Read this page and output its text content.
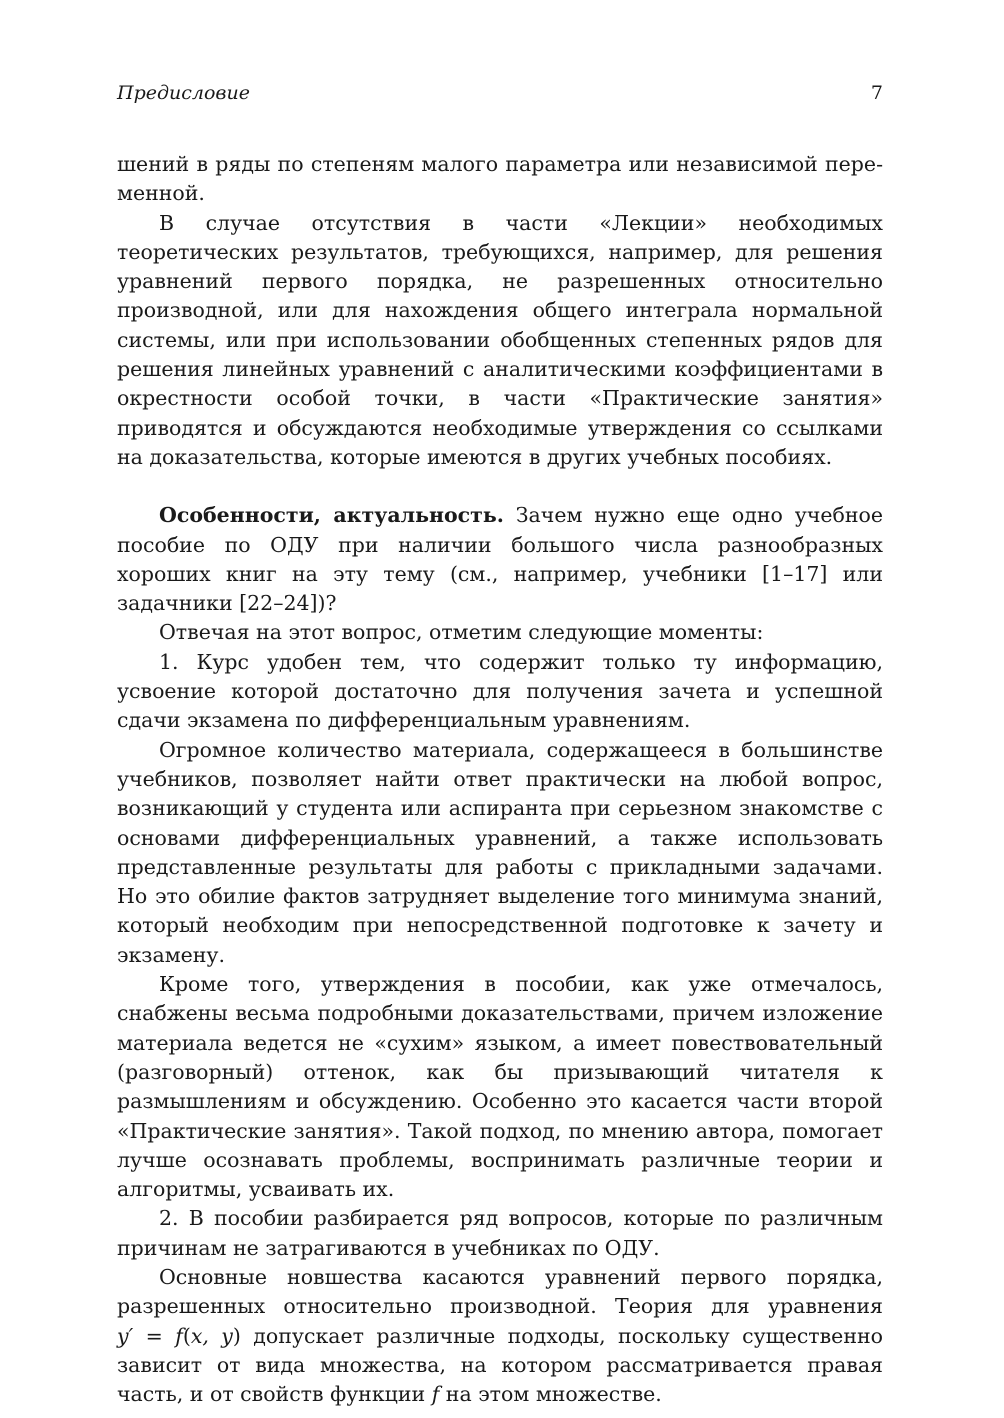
Предисловие	7

шений в ряды по степеням малого параметра или независимой переменной.

В случае отсутствия в части «Лекции» необходимых теоретических результатов, требующихся, например, для решения уравнений первого порядка, не разрешенных относительно производной, или для нахождения общего интеграла нормальной системы, или при использовании обобщенных степенных рядов для решения линейных уравнений с аналитическими коэффициентами в окрестности особой точки, в части «Практические занятия» приводятся и обсуждаются необходимые утверждения со ссылками на доказательства, которые имеются в других учебных пособиях.

Особенности, актуальность. Зачем нужно еще одно учебное пособие по ОДУ при наличии большого числа разнообразных хороших книг на эту тему (см., например, учебники [1–17] или задачники [22–24])?

Отвечая на этот вопрос, отметим следующие моменты:

1. Курс удобен тем, что содержит только ту информацию, усвоение которой достаточно для получения зачета и успешной сдачи экзамена по дифференциальным уравнениям.

Огромное количество материала, содержащееся в большинстве учебников, позволяет найти ответ практически на любой вопрос, возникающий у студента или аспиранта при серьезном знакомстве с основами дифференциальных уравнений, а также использовать представленные результаты для работы с прикладными задачами. Но это обилие фактов затрудняет выделение того минимума знаний, который необходим при непосредственной подготовке к зачету и экзамену.

Кроме того, утверждения в пособии, как уже отмечалось, снабжены весьма подробными доказательствами, причем изложение материала ведется не «сухим» языком, а имеет повествовательный (разговорный) оттенок, как бы призывающий читателя к размышлениям и обсуждению. Особенно это касается части второй «Практические занятия». Такой подход, по мнению автора, помогает лучше осознавать проблемы, воспринимать различные теории и алгоритмы, усваивать их.

2. В пособии разбирается ряд вопросов, которые по различным причинам не затрагиваются в учебниках по ОДУ.

Основные новшества касаются уравнений первого порядка, разрешенных относительно производной. Теория для уравнения y′ = f(x, y) допускает различные подходы, поскольку существенно зависит от вида множества, на котором рассматривается правая часть, и от свойств функции f на этом множестве.
